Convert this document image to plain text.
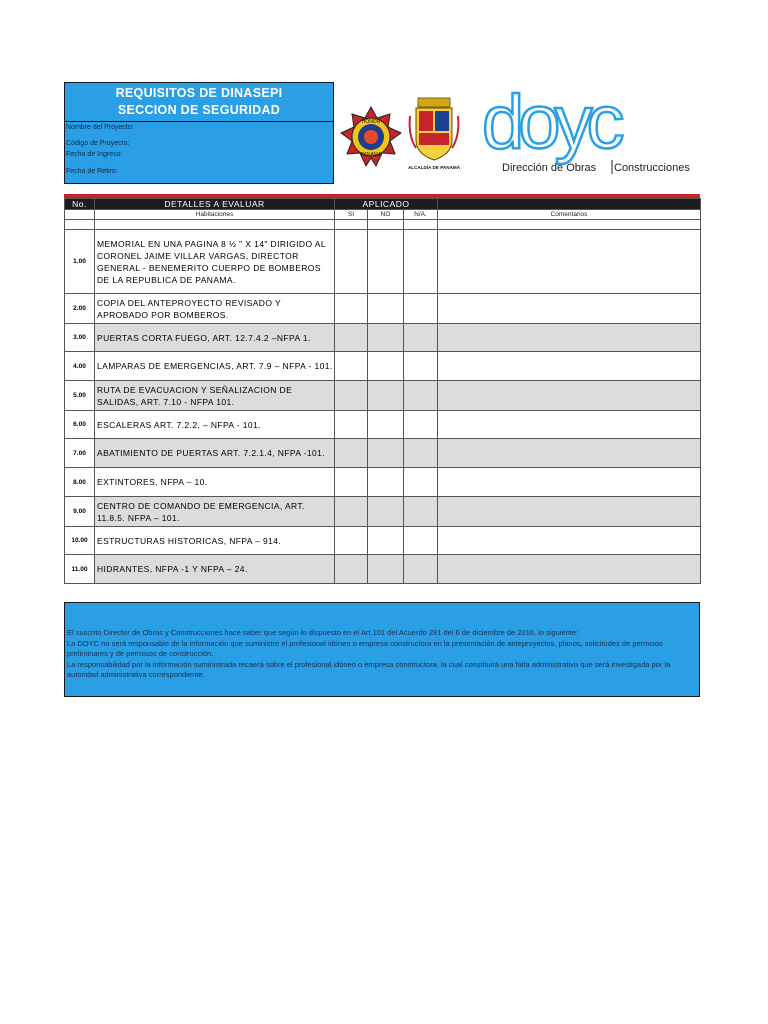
REQUISITOS DE DINASEPI
SECCION DE SEGURIDAD
Nombre del Proyecto:
Código de Proyecto:
Fecha de Ingreso:
Fecha de Retiro:
HONOR
PANAMA
ALCALDÍA DE PANAMÁ
doyc
Dirección de Obras Construcciones
No.	DETALLES A EVALUAR	APLICADO			
	Habitaciones	SI	NO	N/A.	Comentarios

1.00	MEMORIAL EN UNA PAGINA 8 ½ " X 14" DIRIGIDO AL CORONEL JAIME VILLAR VARGAS, DIRECTOR GENERAL - BENEMERITO CUERPO DE BOMBEROS DE LA REPUBLICA DE PANAMA.				
2.00	COPIA DEL ANTEPROYECTO REVISADO Y APROBADO POR BOMBEROS.				
3.00	PUERTAS CORTA FUEGO, ART. 12.7.4.2 –NFPA 1.				
4.00	LAMPARAS DE EMERGENCIAS, ART. 7.9 – NFPA - 101.				
5.00	RUTA DE EVACUACION Y SEÑALIZACION DE SALIDAS, ART. 7.10 - NFPA 101.				
6.00	ESCALERAS ART. 7.2.2, – NFPA - 101.				
7.00	ABATIMIENTO DE PUERTAS ART. 7.2.1.4, NFPA -101.				
8.00	EXTINTORES, NFPA – 10.				
9.00	CENTRO DE COMANDO DE EMERGENCIA, ART. 11.8.5. NFPA – 101.				
10.00	ESTRUCTURAS HISTORICAS, NFPA – 914.				
11.00	HIDRANTES, NFPA -1 Y NFPA – 24.				
El suscrito Director de Obras y Construcciones hace saber que según lo dispuesto en el Art.101 del Acuerdo 281 del 6 de diciembre de 2016, lo siguiente:
La DOYC no será responsable de la información que suministre el profesional idóneo o empresa constructora en la presentación de anteproyectos, planos, solicitudes de permisos preliminares y de permisos de construcción.
La responsabilidad por la información suministrada recaerá sobre el profesional idóneo o empresa constructora, la cual constituirá una falta administrativa que será investigada por la autoridad administrativa correspondiente.
